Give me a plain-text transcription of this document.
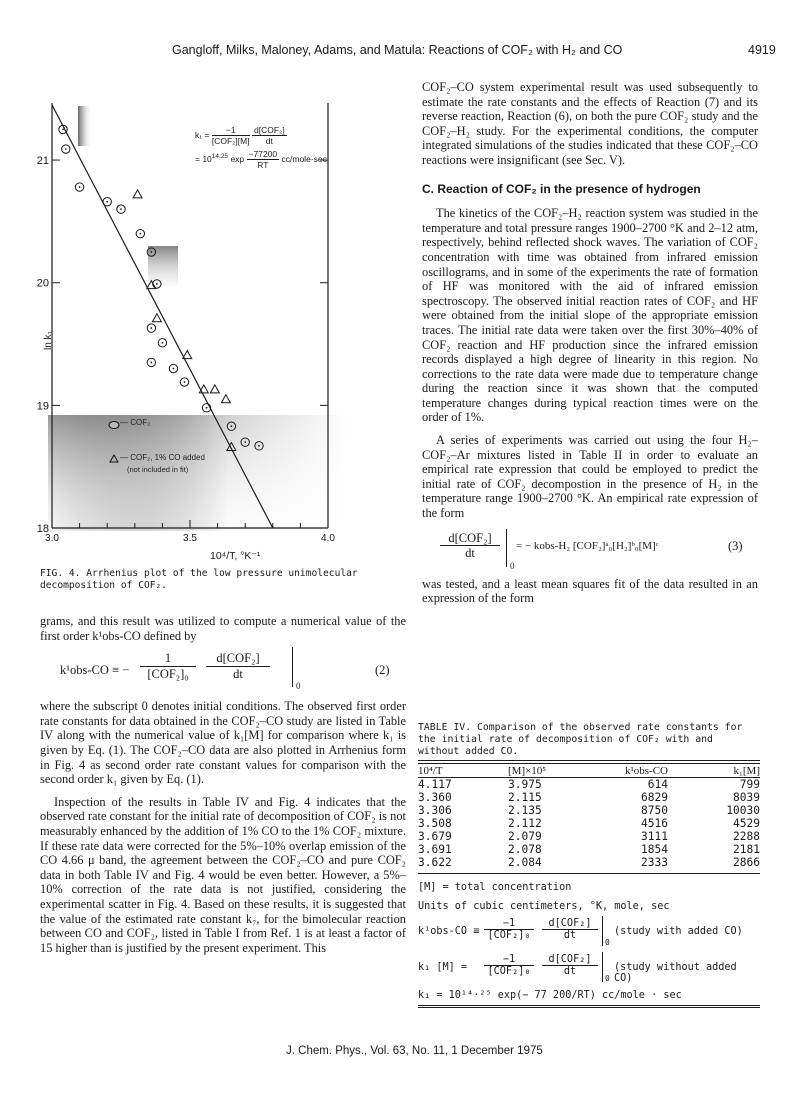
Gangloff, Milks, Maloney, Adams, and Matula: Reactions of COF₂ with H₂ and CO	4919
21
20
19
18
3.0	3.5	4.0
ln k₁
10⁴/T, °K⁻¹
k₁ =	−1
[COF₂][M]

d[COF₂]
dt
= $10^{14.25}$ $\exp \frac{-77200}{RT}$ cc/mole·sec
— COF₂
— COF₂, 1% CO added
(not included in fit)
FIG. 4. Arrhenius plot of the low pressure unimolecular decomposition of COF₂.

grams, and this result was utilized to compute a numerical value of the first order k¹obs-CO defined by

k¹obs-CO ≡ −
1
[COF₂]₀
d[COF₂]
dt
0
(2)

where the subscript 0 denotes initial conditions. The observed first order rate constants for data obtained in the COF₂–CO study are listed in Table IV along with the numerical value of k₁[M] for comparison where k₁ is given by Eq. (1). The COF₂–CO data are also plotted in Arrhenius form in Fig. 4 as second order rate constant values for comparison with the second order k₁ given by Eq. (1).

Inspection of the results in Table IV and Fig. 4 indicates that the observed rate constant for the initial rate of decomposition of COF₂ is not measurably enhanced by the addition of 1% CO to the 1% COF₂ mixture. If these rate data were corrected for the 5%–10% overlap emission of the CO 4.66 μ band, the agreement between the COF₂–CO and pure COF₂ data in both Table IV and Fig. 4 would be even better. However, a 5%–10% correction of the rate data is not justified, considering the experimental scatter in Fig. 4. Based on these results, it is suggested that the value of the estimated rate constant k₇, for the bimolecular reaction between CO and COF₂, listed in Table I from Ref. 1 is at least a factor of 15 higher than is justified by the present experiment. This

COF₂–CO system experimental result was used subsequently to estimate the rate constants and the effects of Reaction (7) and its reverse reaction, Reaction (6), on both the pure COF₂ study and the COF₂–H₂ study. For the experimental conditions, the computer integrated simulations of the studies indicated that these COF₂–CO reactions were insignificant (see Sec. V).

C. Reaction of COF₂ in the presence of hydrogen

The kinetics of the COF₂–H₂ reaction system was studied in the temperature and total pressure ranges 1900–2700 °K and 2–12 atm, respectively, behind reflected shock waves. The variation of COF₂ concentration with time was obtained from infrared emission oscillograms, and in some of the experiments the rate of formation of HF was monitored with the aid of infrared emission spectroscopy. The observed initial reaction rates of COF₂ and HF were obtained from the initial slope of the appropriate emission traces. The initial rate data were taken over the first 30%–40% of COF₂ reaction and HF production since the infrared emission records displayed a high degree of linearity in this region. No corrections to the rate data were made due to temperature change during the reaction since it was shown that the computed temperature changes during typical reaction times were on the order of 1%.

A series of experiments was carried out using the four H₂–COF₂–Ar mixtures listed in Table II in order to evaluate an empirical rate expression that could be employed to predict the initial rate of COF₂ decompostion in the presence of H₂ in the temperature range 1900–2700 °K. An empirical rate expression of the form

d[COF₂]
dt
0
= − kobs-H₂ [COF₂]ᵃ₀[H₂]ᵇ₀[M]ᶜ	(3)

was tested, and a least mean squares fit of the data resulted in an expression of the form

TABLE IV. Comparison of the observed rate constants for the initial rate of decomposition of COF₂ with and without added CO.
10⁴/T	[M]×10⁵	k¹obs-CO	k₁[M]
4.117	3.975	614	799
3.360	2.115	6829	8039
3.306	2.135	8750	10030
3.508	2.112	4516	4529
3.679	2.079	3111	2288
3.691	2.078	1854	2181
3.622	2.084	2333	2866
[M] = total concentration
Units of cubic centimeters, °K, mole, sec
k¹obs-CO ≡
−1
[COF₂]₀
d[COF₂]
dt
0
(study with added CO)
k₁ [M] =
−1
[COF₂]₀
d[COF₂]
dt
0
(study without added CO)
k₁ = 10¹⁴·²⁵ exp(− 77 200/RT) cc/mole · sec
J. Chem. Phys., Vol. 63, No. 11, 1 December 1975
